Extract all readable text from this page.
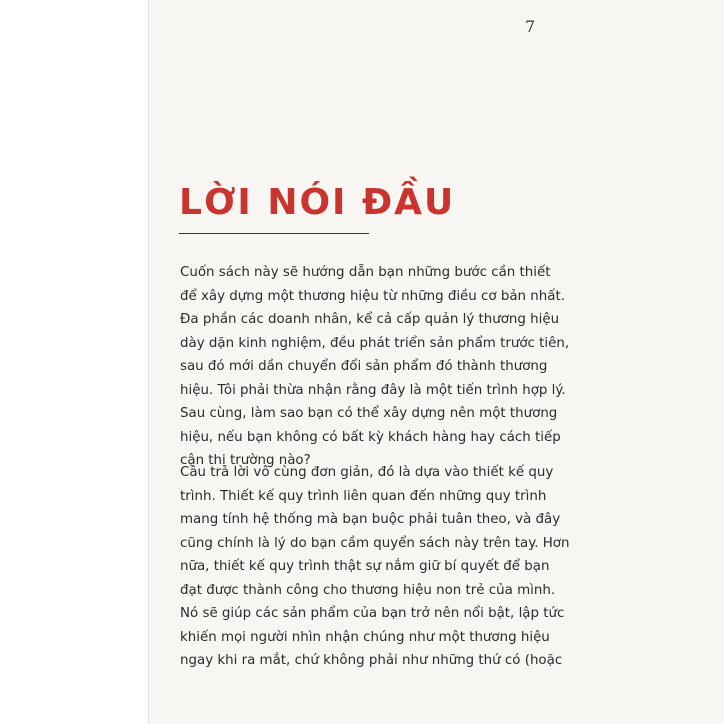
7
LỜI NÓI ĐẦU

Cuốn sách này sẽ hướng dẫn bạn những bước cần thiết
để xây dựng một thương hiệu từ những điều cơ bản nhất.
Đa phần các doanh nhân, kể cả cấp quản lý thương hiệu
dày dặn kinh nghiệm, đều phát triển sản phẩm trước tiên,
sau đó mới dần chuyển đổi sản phẩm đó thành thương
hiệu. Tôi phải thừa nhận rằng đây là một tiến trình hợp lý.
Sau cùng, làm sao bạn có thể xây dựng nên một thương
hiệu, nếu bạn không có bất kỳ khách hàng hay cách tiếp
cận thị trường nào?

Câu trả lời vô cùng đơn giản, đó là dựa vào thiết kế quy
trình. Thiết kế quy trình liên quan đến những quy trình
mang tính hệ thống mà bạn buộc phải tuân theo, và đây
cũng chính là lý do bạn cầm quyển sách này trên tay. Hơn
nữa, thiết kế quy trình thật sự nắm giữ bí quyết để bạn
đạt được thành công cho thương hiệu non trẻ của mình.
Nó sẽ giúp các sản phẩm của bạn trở nên nổi bật, lập tức
khiến mọi người nhìn nhận chúng như một thương hiệu
ngay khi ra mắt, chứ không phải như những thứ có (hoặc
